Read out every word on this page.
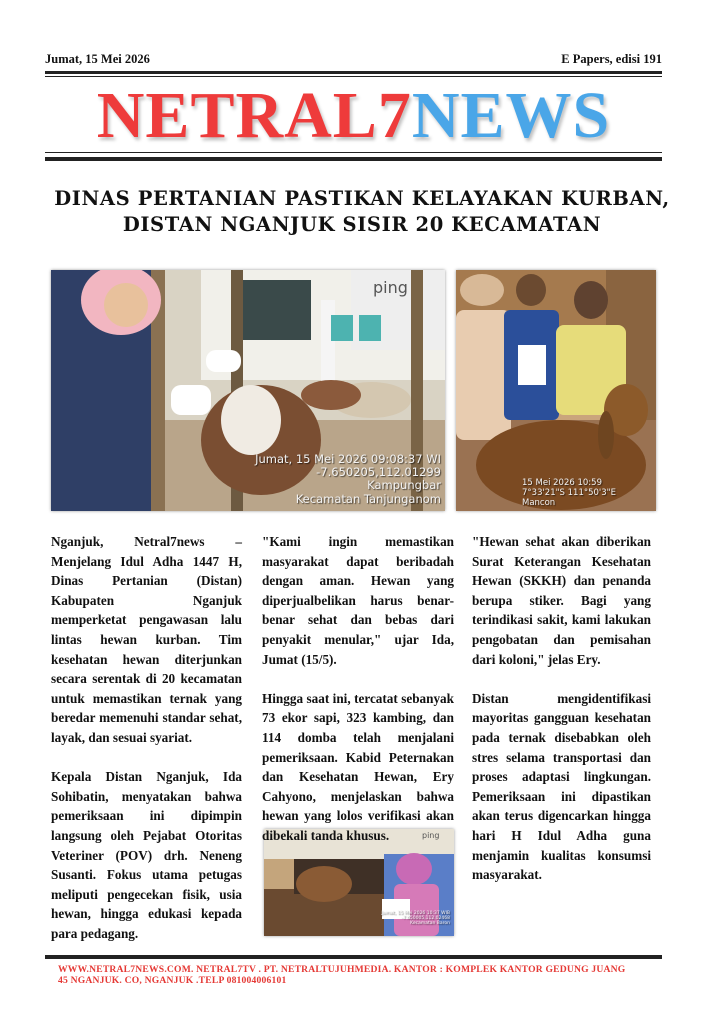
Jumat, 15 Mei 2026	E Papers, edisi 191
NETRAL7NEWS
DINAS PERTANIAN PASTIKAN KELAYAKAN KURBAN,
DISTAN NGANJUK SISIR 20 KECAMATAN
ping
Jumat, 15 Mei 2026 09:08:37 WI
-7.650205,112.01299
Kampungbar
Kecamatan Tanjunganom
15 Mei 2026 10:59
7°33'21"S 111°50'3"E
Mancon
ping
Jumat, 15 Mei 2026 10:37 WIB
-7.650005,112.02468
Kecamatan Baron

Nganjuk, Netral7news – Menjelang Idul Adha 1447 H, Dinas Pertanian (Distan) Kabupaten Nganjuk memperketat pengawasan lalu lintas hewan kurban. Tim kesehatan hewan diterjunkan secara serentak di 20 kecamatan untuk memastikan ternak yang beredar memenuhi standar sehat, layak, dan sesuai syariat.

Kepala Distan Nganjuk, Ida Sohibatin, menyatakan bahwa pemeriksaan ini dipimpin langsung oleh Pejabat Otoritas Veteriner (POV) drh. Neneng Susanti. Fokus utama petugas meliputi pengecekan fisik, usia hewan, hingga edukasi kepada para pedagang.

"Kami ingin memastikan masyarakat dapat beribadah dengan aman. Hewan yang diperjualbelikan harus benar-benar sehat dan bebas dari penyakit menular," ujar Ida, Jumat (15/5).

Hingga saat ini, tercatat sebanyak 73 ekor sapi, 323 kambing, dan 114 domba telah menjalani pemeriksaan. Kabid Peternakan dan Kesehatan Hewan, Ery Cahyono, menjelaskan bahwa hewan yang lolos verifikasi akan dibekali tanda khusus.

"Hewan sehat akan diberikan Surat Keterangan Kesehatan Hewan (SKKH) dan penanda berupa stiker. Bagi yang terindikasi sakit, kami lakukan pengobatan dan pemisahan dari koloni," jelas Ery.

Distan mengidentifikasi mayoritas gangguan kesehatan pada ternak disebabkan oleh stres selama transportasi dan proses adaptasi lingkungan. Pemeriksaan ini dipastikan akan terus digencarkan hingga hari H Idul Adha guna menjamin kualitas konsumsi masyarakat.

WWW.NETRAL7NEWS.COM. NETRAL7TV . PT. NETRALTUJUHMEDIA. KANTOR : KOMPLEK KANTOR GEDUNG JUANG
45 NGANJUK. CO, NGANJUK .TELP 081004006101
